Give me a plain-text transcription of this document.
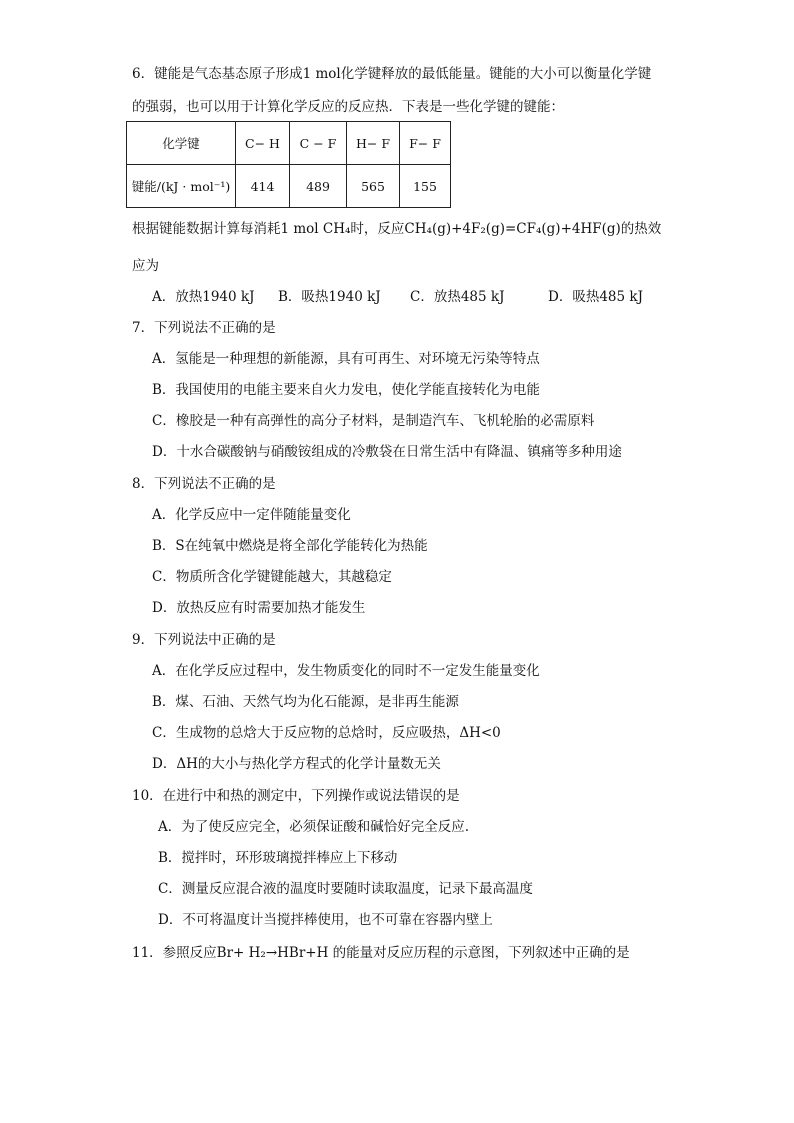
6．键能是气态基态原子形成1 mol化学键释放的最低能量。键能的大小可以衡量化学键
的强弱，也可以用于计算化学反应的反应热．下表是一些化学键的键能：
化学键	C− H	C − F	H− F	F− F
键能/(kJ · mol⁻¹)	414	489	565	155
根据键能数据计算每消耗1 mol CH₄时，反应CH₄(g)+4F₂(g)=CF₄(g)+4HF(g)的热效
应为
A．放热1940 kJ B．吸热1940 kJ C．放热485 kJ	D．吸热485 kJ
7．下列说法不正确的是
A．氢能是一种理想的新能源，具有可再生、对环境无污染等特点
B．我国使用的电能主要来自火力发电，使化学能直接转化为电能
C．橡胶是一种有高弹性的高分子材料，是制造汽车、飞机轮胎的必需原料
D．十水合碳酸钠与硝酸铵组成的冷敷袋在日常生活中有降温、镇痛等多种用途
8．下列说法不正确的是
A．化学反应中一定伴随能量变化
B．S在纯氧中燃烧是将全部化学能转化为热能
C．物质所含化学键键能越大，其越稳定
D．放热反应有时需要加热才能发生
9．下列说法中正确的是
A．在化学反应过程中，发生物质变化的同时不一定发生能量变化
B．煤、石油、天然气均为化石能源，是非再生能源
C．生成物的总焓大于反应物的总焓时，反应吸热，ΔH<0
D．ΔH的大小与热化学方程式的化学计量数无关
10．在进行中和热的测定中，下列操作或说法错误的是
A．为了使反应完全，必须保证酸和碱恰好完全反应.
B．搅拌时，环形玻璃搅拌棒应上下移动
C．测量反应混合液的温度时要随时读取温度，记录下最高温度
D．不可将温度计当搅拌棒使用，也不可靠在容器内壁上
11．参照反应Br+ H₂→HBr+H 的能量对反应历程的示意图，下列叙述中正确的是
